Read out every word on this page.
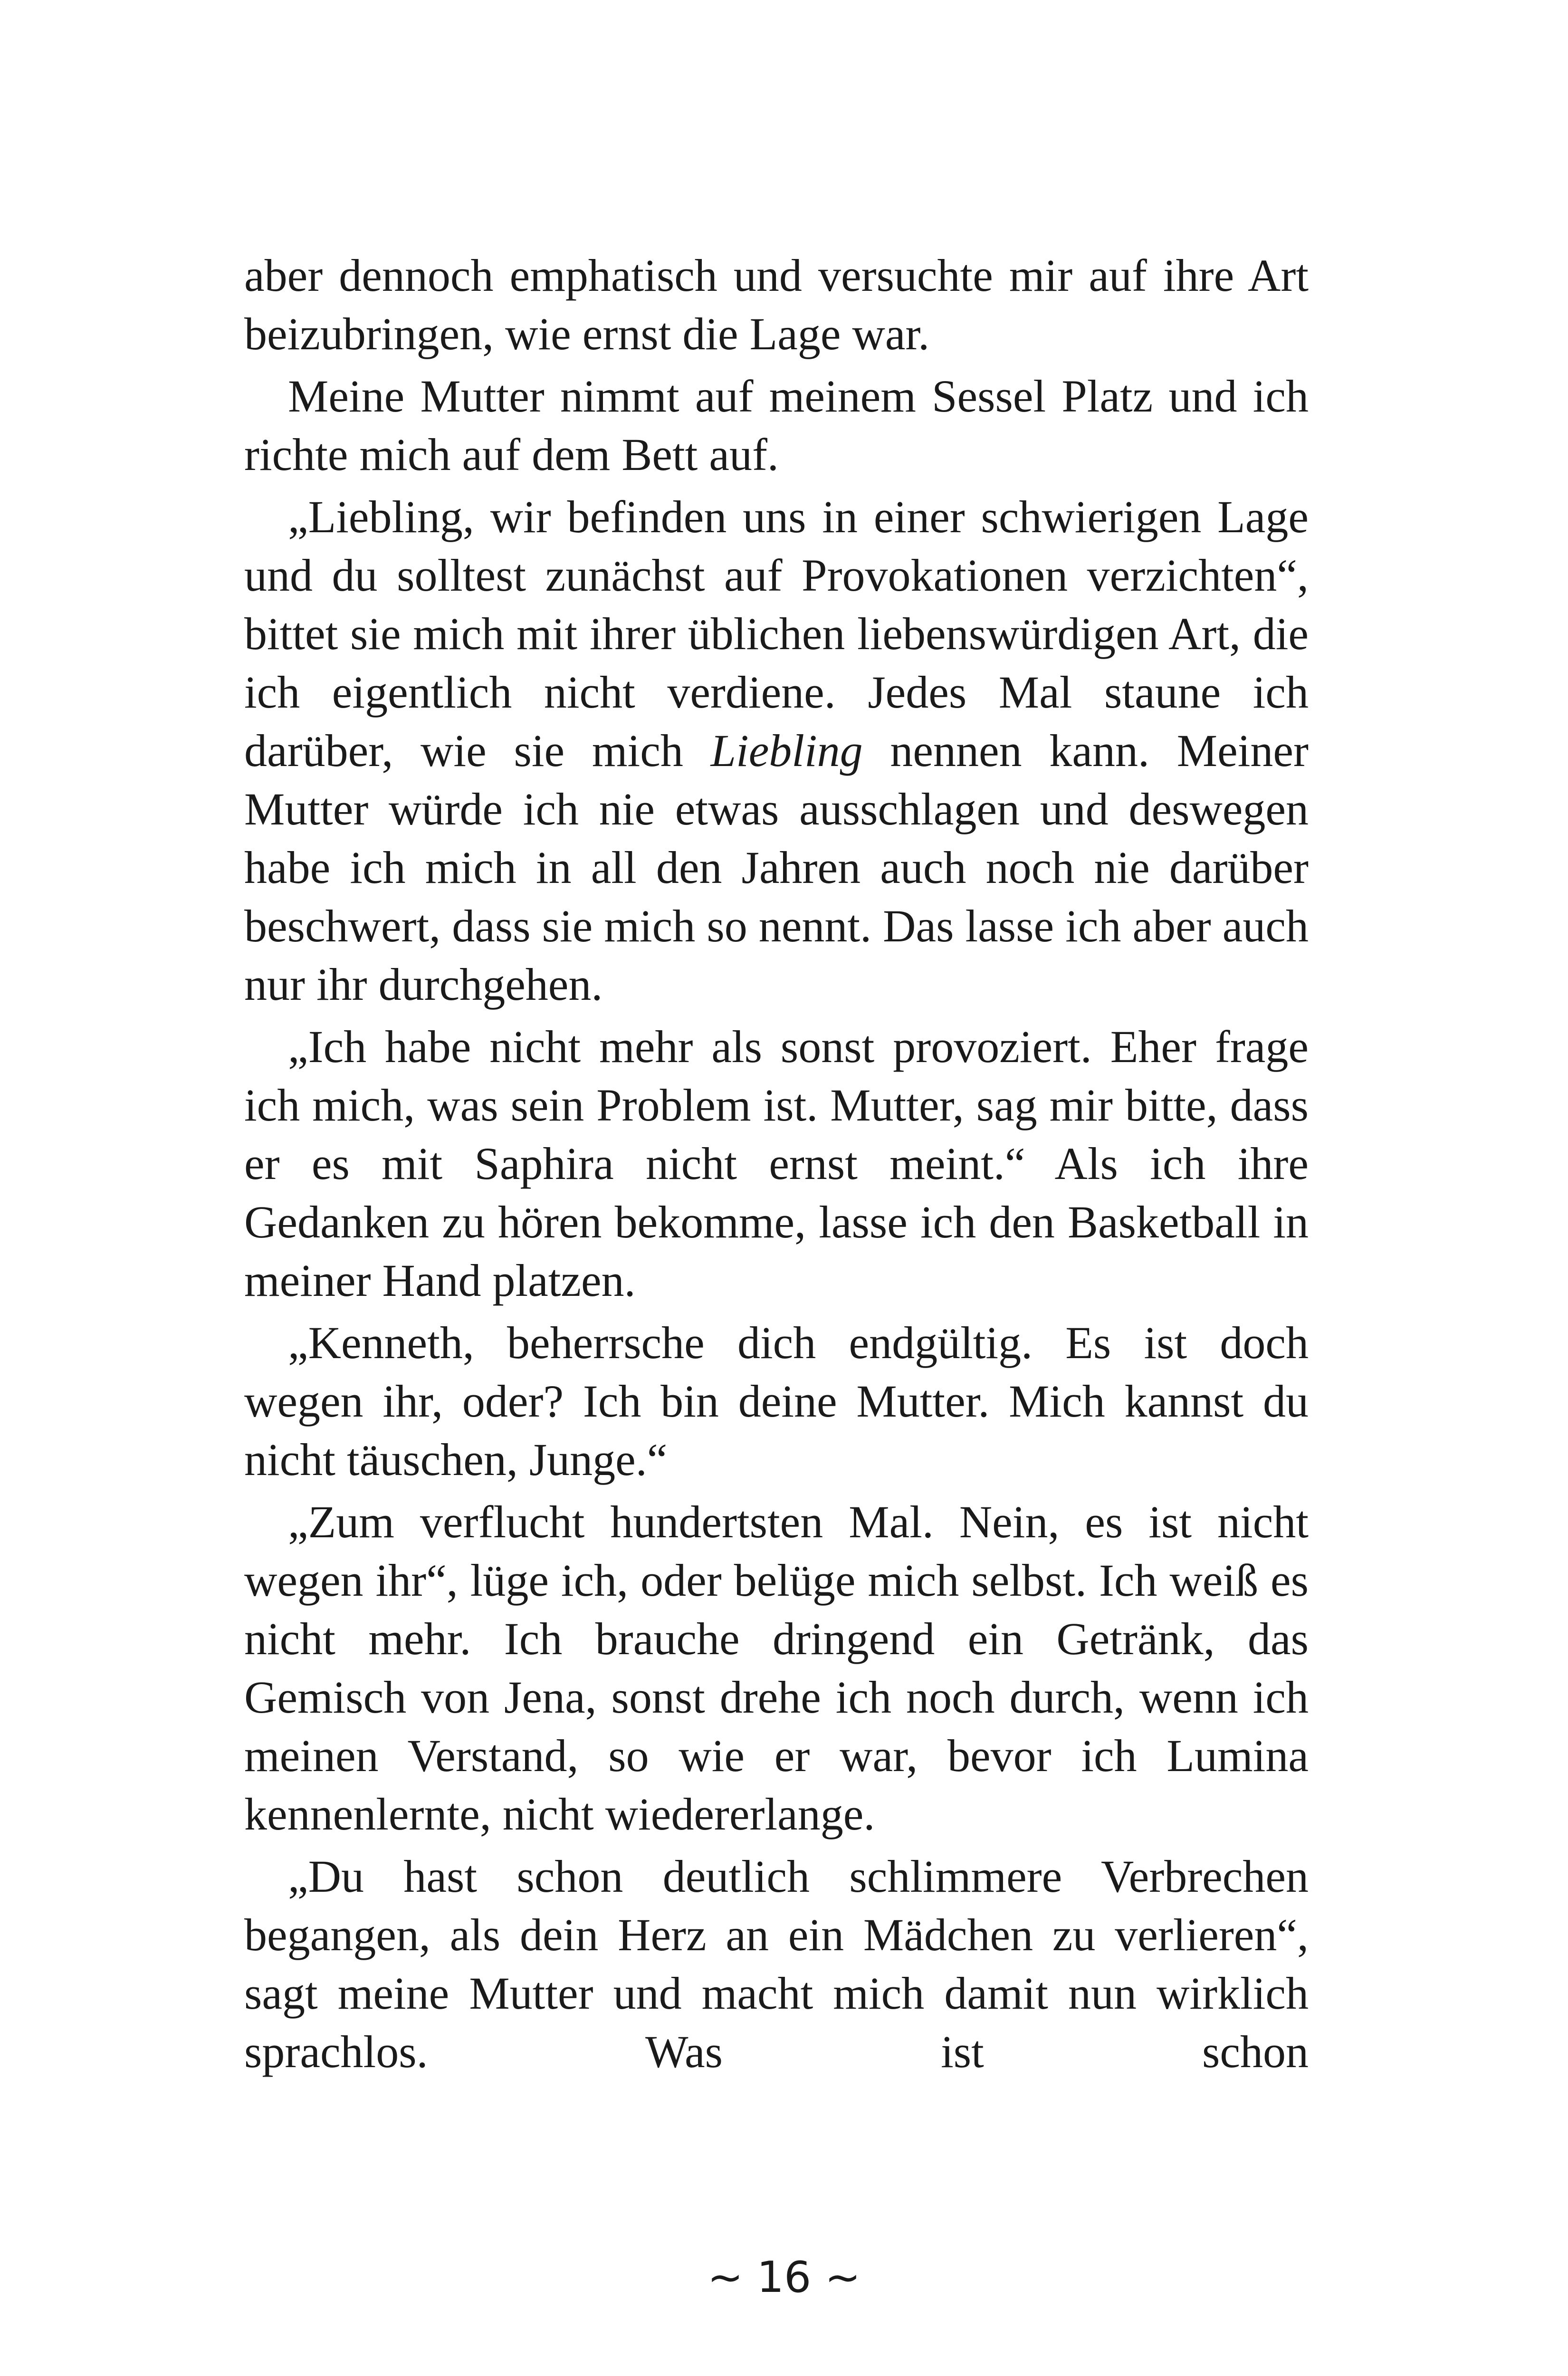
aber dennoch emphatisch und versuchte mir auf ihre Art beizubringen, wie ernst die Lage war.

Meine Mutter nimmt auf meinem Sessel Platz und ich richte mich auf dem Bett auf.

„Liebling, wir befinden uns in einer schwierigen Lage und du solltest zunächst auf Provokationen verzichten“, bittet sie mich mit ihrer üblichen liebenswürdigen Art, die ich eigentlich nicht verdiene. Jedes Mal staune ich darüber, wie sie mich Liebling nennen kann. Meiner Mutter würde ich nie etwas ausschlagen und deswegen habe ich mich in all den Jahren auch noch nie darüber beschwert, dass sie mich so nennt. Das lasse ich aber auch nur ihr durchgehen.

„Ich habe nicht mehr als sonst provoziert. Eher frage ich mich, was sein Problem ist. Mutter, sag mir bitte, dass er es mit Saphira nicht ernst meint.“ Als ich ihre Gedanken zu hören bekomme, lasse ich den Basketball in meiner Hand platzen.

„Kenneth, beherrsche dich endgültig. Es ist doch wegen ihr, oder? Ich bin deine Mutter. Mich kannst du nicht täuschen, Junge.“

„Zum verflucht hundertsten Mal. Nein, es ist nicht wegen ihr“, lüge ich, oder belüge mich selbst. Ich weiß es nicht mehr. Ich brauche dringend ein Getränk, das Gemisch von Jena, sonst drehe ich noch durch, wenn ich meinen Verstand, so wie er war, bevor ich Lumina kennenlernte, nicht wiedererlange.

„Du hast schon deutlich schlimmere Verbrechen begangen, als dein Herz an ein Mädchen zu verlieren“, sagt meine Mutter und macht mich damit nun wirklich sprachlos. Was ist schon

~ 16 ~
